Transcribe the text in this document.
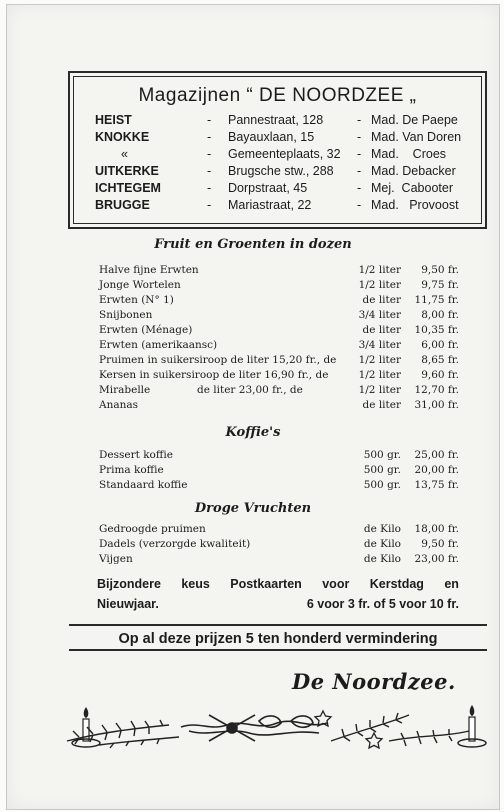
Magazijnen “ DE NOORDZEE „
HEIST	- Pannestraat, 128	- Mad. De Paepe
KNOKKE	- Bayauxlaan, 15	- Mad. Van Doren
«	- Gemeenteplaats, 32 - Mad.    Croes
UITKERKE	- Brugsche stw., 288 - Mad. Debacker
ICHTEGEM	- Dorpstraat, 45	- Mej.  Cabooter
BRUGGE	- Mariastraat, 22	- Mad.   Provoost
Fruit en Groenten in dozen
Halve fijne Erwten	1/2 liter 9,50 fr.
Jonge Wortelen	1/2 liter 9,75 fr.
Erwten (N° 1)	de liter 11,75 fr.
Snijbonen	3/4 liter 8,00 fr.
Erwten (Ménage)	de liter 10,35 fr.
Erwten (amerikaansc)	3/4 liter 6,00 fr.
Pruimen in suikersiroop de liter 15,20 fr., de 1/2 liter 8,65 fr.
Kersen in suikersiroop de liter 16,90 fr., de	1/2 liter 9,60 fr.
Mirabelle              de liter 23,00 fr., de	1/2 liter 12,70 fr.
Ananas	de liter 31,00 fr.
Koffie's
Dessert koffie	500 gr. 25,00 fr.
Prima koffie	500 gr. 20,00 fr.
Standaard koffie	500 gr. 13,75 fr.
Droge Vruchten
Gedroogde pruimen	de Kilo 18,00 fr.
Dadels (verzorgde kwaliteit)	de Kilo 9,50 fr.
Vijgen	de Kilo 23,00 fr.
Bijzondere keus Postkaarten voor Kerstdag en
Nieuwjaar.	6 voor 3 fr. of 5 voor 10 fr.
Op al deze prijzen 5 ten honderd vermindering
De Noordzee.
